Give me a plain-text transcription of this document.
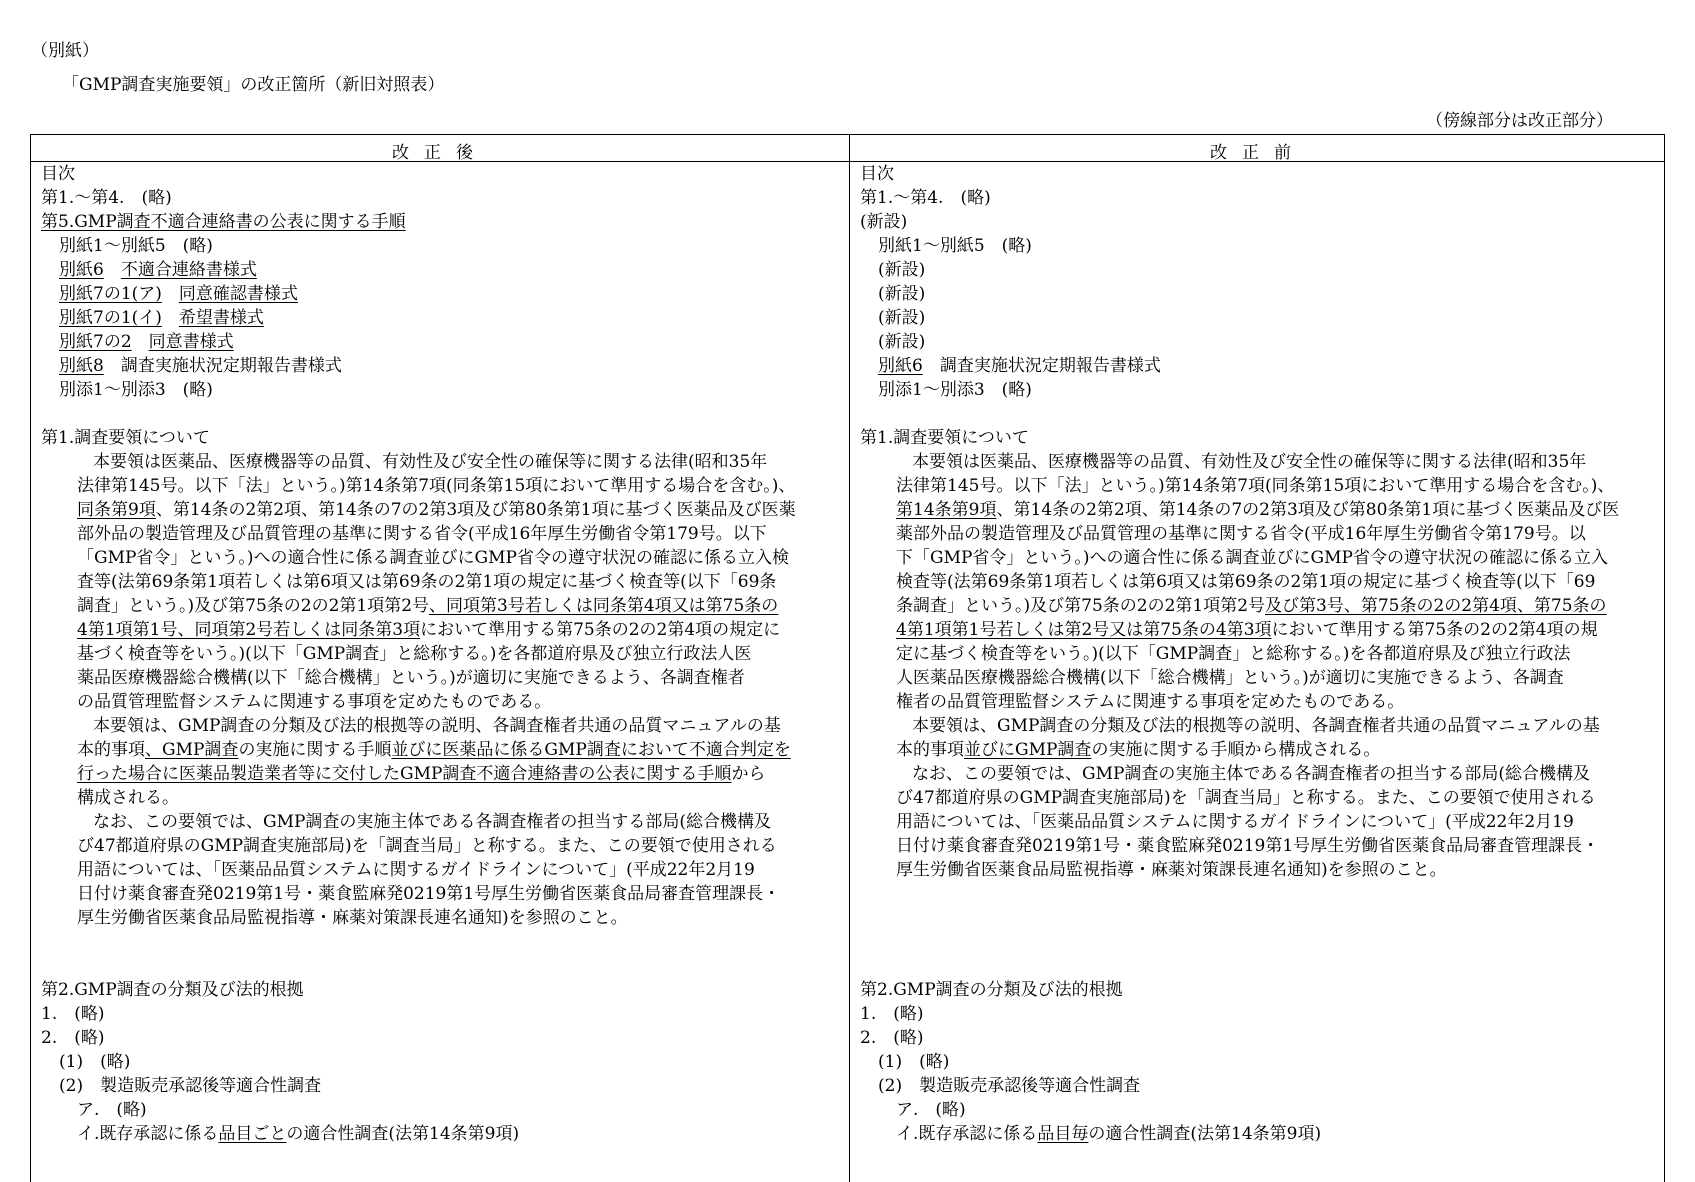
（別紙）
「GMP調査実施要領」の改正箇所（新旧対照表）
（傍線部分は改正部分）
改正後	改正前
目次
第1.～第4.　(略)
第5.GMP調査不適合連絡書の公表に関する手順
別紙1～別紙5　(略)
別紙6　 不適合連絡書様式
別紙7の1(ア)　 同意確認書様式
別紙7の1(イ)　 希望書様式
別紙7の2　 同意書様式
別紙8　調査実施状況定期報告書様式
別添1～別添3　(略)
第1.調査要領について
本要領は医薬品、医療機器等の品質、有効性及び安全性の確保等に関する法律(昭和35年
法律第145号。以下「法」という。)第14条第7項(同条第15項において準用する場合を含む。)、
同条第9項、第14条の2第2項、第14条の7の2第3項及び第80条第1項に基づく医薬品及び医薬
部外品の製造管理及び品質管理の基準に関する省令(平成16年厚生労働省令第179号。以下
「GMP省令」という。)への適合性に係る調査並びにGMP省令の遵守状況の確認に係る立入検
査等(法第69条第1項若しくは第6項又は第69条の2第1項の規定に基づく検査等(以下「69条
調査」という。)及び第75条の2の2第1項第2号、同項第3号若しくは同条第4項又は第75条の
4第1項第1号、同項第2号若しくは同条第3項において準用する第75条の2の2第4項の規定に
基づく検査等をいう。)(以下「GMP調査」と総称する。)を各都道府県及び独立行政法人医
薬品医療機器総合機構(以下「総合機構」という。)が適切に実施できるよう、各調査権者
の品質管理監督システムに関連する事項を定めたものである。
本要領は、GMP調査の分類及び法的根拠等の説明、各調査権者共通の品質マニュアルの基
本的事項、GMP調査の実施に関する手順並びに医薬品に係るGMP調査において不適合判定を
行った場合に医薬品製造業者等に交付したGMP調査不適合連絡書の公表に関する手順から
構成される。
なお、この要領では、GMP調査の実施主体である各調査権者の担当する部局(総合機構及
び47都道府県のGMP調査実施部局)を「調査当局」と称する。また、この要領で使用される
用語については、「医薬品品質システムに関するガイドラインについて」(平成22年2月19
日付け薬食審査発0219第1号・薬食監麻発0219第1号厚生労働省医薬食品局審査管理課長・
厚生労働省医薬食品局監視指導・麻薬対策課長連名通知)を参照のこと。
第2.GMP調査の分類及び法的根拠
1.　(略)
2.　(略)
(1)　(略)
(2)　製造販売承認後等適合性調査
ア.　(略)
イ.既存承認に係る品目ごとの適合性調査(法第14条第9項)
目次
第1.～第4.　(略)
(新設)
別紙1～別紙5　(略)
(新設)
(新設)
(新設)
(新設)
別紙6　調査実施状況定期報告書様式
別添1～別添3　(略)
第1.調査要領について
本要領は医薬品、医療機器等の品質、有効性及び安全性の確保等に関する法律(昭和35年
法律第145号。以下「法」という。)第14条第7項(同条第15項において準用する場合を含む。)、
第14条第9項、第14条の2第2項、第14条の7の2第3項及び第80条第1項に基づく医薬品及び医
薬部外品の製造管理及び品質管理の基準に関する省令(平成16年厚生労働省令第179号。以
下「GMP省令」という。)への適合性に係る調査並びにGMP省令の遵守状況の確認に係る立入
検査等(法第69条第1項若しくは第6項又は第69条の2第1項の規定に基づく検査等(以下「69
条調査」という。)及び第75条の2の2第1項第2号及び第3号、第75条の2の2第4項、第75条の
4第1項第1号若しくは第2号又は第75条の4第3項において準用する第75条の2の2第4項の規
定に基づく検査等をいう。)(以下「GMP調査」と総称する。)を各都道府県及び独立行政法
人医薬品医療機器総合機構(以下「総合機構」という。)が適切に実施できるよう、各調査
権者の品質管理監督システムに関連する事項を定めたものである。
本要領は、GMP調査の分類及び法的根拠等の説明、各調査権者共通の品質マニュアルの基
本的事項並びにGMP調査の実施に関する手順から構成される。
なお、この要領では、GMP調査の実施主体である各調査権者の担当する部局(総合機構及
び47都道府県のGMP調査実施部局)を「調査当局」と称する。また、この要領で使用される
用語については、「医薬品品質システムに関するガイドラインについて」(平成22年2月19
日付け薬食審査発0219第1号・薬食監麻発0219第1号厚生労働省医薬食品局審査管理課長・
厚生労働省医薬食品局監視指導・麻薬対策課長連名通知)を参照のこと。
第2.GMP調査の分類及び法的根拠
1.　(略)
2.　(略)
(1)　(略)
(2)　製造販売承認後等適合性調査
ア.　(略)
イ.既存承認に係る品目毎の適合性調査(法第14条第9項)
